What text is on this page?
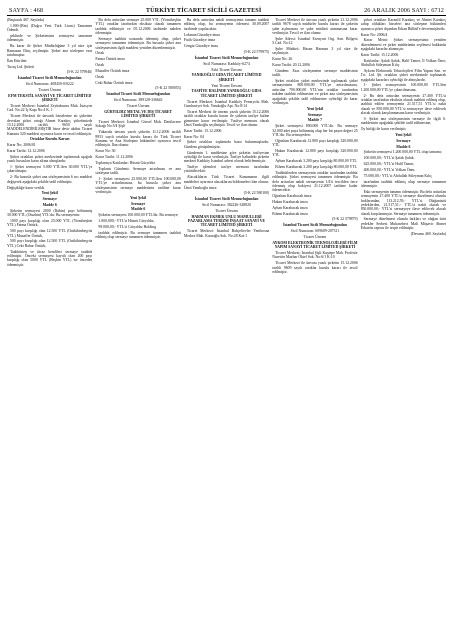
SAYFA : 468	TÜRKİYE TİCARET SİCİLİ GAZETESİ	26 ARALIK 2006 SAYI : 6712

(Baştarafı 467. Sayfada)

1.000-(Bin) (Doğru Yeni Türk Lirası) Tamamen Ödendi.

şeklinde ve Şirketimizin sermayesi tamamen ödenmiştir.

Bu karar ile Şirket Müdürlüğüne 3 yıl süre için Ramazan Dinç seçilmiştir. Şirket ana sözleşme esas tutulmuştur.

İlan Ettirilen:

Tucaş Ltd. Şirketi

(5-K 22 579946)

İstanbul Ticaret Sicili Memurluğundan

Sicil Numarası: 408450-0/0222

Ticaret Ünvanı

EFM TEKSTİL SANAYİ VE TİCARET LİMİTED ŞİRKETİ

Ticaret Merkezi: İstanbul Zeytinburnu Mah. İstasyon Cad. No:22 İç Kapı No:4 K. 1

Ticaret Merkezi ile ünvanlı hisselerine ait şirketten devralan şirket ortağı Ahmet Karakoç şirketimizde 15.12.2006 tarihli 9650 sayılı MADDELENDİRİLMİŞTİR hisse devir akdini Ticaret Kanunu 520 maddesi uyarınca karar ve tescil edilmiştir.

Ortaklar Kurulu Kararı

Karar No: 2006/01

Karar Tarihi: 12.12.2006

Şirket ortakları şirket merkezinde toplanarak aşağıda yazılı hususları karar altına almışlardır.

1- Şirket sermayesi 5.000 YTL'den 30.000 YTL'ye çıkartılmıştır.

2- Bu hususla şirket ana sözleşmesinin 6 ncı maddesi değişerek aşağıdaki şekilde tadil edilmiştir.

Değişikliğe karar verildi.

Yeni Şekil

Sermaye

Madde 6

Şirketin sermayesi 2000 (İkibin) payı bölünmüş 30.000 YTL (Otuzbin) YTL'dır. Bu sermayenin:

1000 payı karşılığı olan 25.000 YTL (Yirmibeşbin YTL) Fatma Öztürk,

500 payı karşılığı olan 12.500 YTL (Onikibinbeşyüz YTL) Muzaffer Öztürk,

500 payı karşılığı olan 12.500 YTL (Onikibinbeşyüz YTL) Ceki Bahar Öztürk,

Taahhütten ve itiraz kendileri sermaye taahhüt edilmiştir. Önceki sermayesi kayıtlı olan 200 payı karşılığı olan 5000 YTL (Beşbin YTL) ise önceden ödenmiştir.

Bu defa arttırılan sermaye 25.000 YTL (Yirmibeşbin YTL) ortaklar tarafından eksiksiz olarak tamamen taahhüt edilmiştir ve 05.12.2006 tarihinde nakden ödenmiştir.

Sermaye taahhüt sırasında ödenmiş olup, şirket sermayesi tamamen ödenmiştir. Bu hususla şirket ana sözleşmesinin ilgili maddesi yeniden düzenlenmiştir.

Ortak

Fatma Öztürk imza

Ortak

Muzaffer Öztürk imza

Ortak

Ceki Bahar Öztürk imza

(5-K 22 580053)

İstanbul Ticaret Sicili Memurluğundan

Sicil Numarası: 389128-336643

Ticaret Ünvanı

GÜRYILDIZ METAL VE DIŞ TİCARET LİMİTED ŞİRKETİ

Ticaret Merkezi: İstanbul Gürsel Mah. Darülaceze Sokağı No:5/4 Şişli

Yukarıda ünvanı yazılı şirketin 11.12.2006 tarihli 8953 sayılı ortaklar kurulu kararı ile Türk Ticaret Kanunu ve Ana Sözleşme hükümleri uyarınca tescil edilmiştir. İlan olunur.

Karar No: 30

Karar Tarihi: 11.12.2006

Toplantıya Katılanlar: Hüsnü Güryıldız

Toplantı Gündemi: Sermaye artırılması ve ana sözleşme tadili.

1- Şirket sermayesi 25.000,00 YTL'den 100.000,00 YTL'ye arttırılmasına, bu hususla şirket ana sözleşmesinin sermaye maddesinin tadiline karar verilmiştir.

Yeni Şekil

Sermaye

Madde 6

Şirketin sermayesi 100.000,00 YTL'dir. Bu sermaye;

1.000,000,- YTL'si Hüsnü Güryıldız,

99.000,00,- YTL'si Güryıldız Holding

taahhüt edilmiştir. Bu sermaye tamamen taahhüt edilmiş olup sermaye tamamen ödenmiştir.

Bu defa arttırılan nakdi sermayenin tamamı taahhüt edilmiş olup, bu sermayenin ödemesi 30.09.2007 tarihinde yapılacaktır.

Lokman Güradiye imza

Fatih Güradiye imza

Cengiz Güradiye imza

(5-K 22 579975)

İstanbul Ticaret Sicili Memurluğundan

Sicil Numarası: Kadıköy-6274

Eski Ticaret Ünvanı

YANIKOĞLU GIDA TİCARET LİMİTED ŞİRKETİ

Yeni Ticaret Ünvanı

TASFİYE HALİNDE YANIKOĞLU GIDA TİCARET LİMİTED ŞİRKETİ

Ticaret Merkezi: İstanbul Kadıköy Feneryolu Mah. Cumhuriyet Sok. Yanıkoğlu Apt. No:8/14

Ticaret Merkezi ile ünvanı yazılı şirketin 15.12.2006 tarihli ortaklar kurulu kararı ile şirketin tasfiye haline girmesine karar verilmiştir. Tasfiye memuru olarak Ümit Yanıkoğlu seçilmiştir. Tescil ve ilan olunur.

Karar Tarihi: 15.12.2006

Karar No: 04

Şirket ortakları toplantıda hazır bulunmuşlardır. Gündem görüşülmüştür.

Gündemin 1. maddesine göre şirketin tasfiyesine oybirliği ile karar verilmiştir. Tasfiye halindeki şirketin merkezi Kadıköy İstanbul adresi olarak belirlenmiştir.

Tasfiye işlemleri tasfiye memuru tarafından yürütülecektir.

Alacaklıların Türk Ticaret Kanununun ilgili maddeleri uyarınca alacaklarını bildirmeleri ilan olunur.

Ümit Yanıkoğlu imza

(5-K 22 580100)

İstanbul Ticaret Sicili Memurluğundan

Sicil Numarası: 382226-328820

Ticaret Ünvanı

HARMAN EKMEK UNLU MAMULLERİ PAZARLAMA TURİZM İNŞAAT SANAYİ VE TİCARET LİMİTED ŞİRKETİ

Ticaret Merkezi: İstanbul Bahçelievler Yenibosna Merkez Mah. Karaoğlu Sok. No:28 Kat:1

Ticaret Merkezi ile ünvanı yazılı şirketin 21.12.2006 tarihli 9678 sayılı müdürler kurulu kararı ile şirketin şube açılmasına ve şube müdürü atanmasına karar verilmiştir. Tescil ve ilan olunur.

Şube Adresi: İstanbul Esenyurt Org. San. Bölgesi 5.Cad. No:12

Şube Müdürü: Hasan Harman 3 yıl süre ile seçilmiştir.

Karar No: 26

Karar Tarihi: 20.12.2006

Gündem: Esas sözleşmenin sermaye maddesinin tadili.

Şirket ortakları şirket merkezinde toplanarak şirket sermayesinin 800.000,00 YTL'ye arttırılmasına, arttırılan 700.000,00 YTL'nin ortaklar tarafından nakden taahhüt edilmesine ve şirket ana sözleşmesinin aşağıdaki şekilde tadil edilmesine oybirliği ile karar verilmiştir.

Yeni Şekil

Sermaye

Madde 7

Şirket sermayesi 800.000 YTL'dir. Bu sermaye 32.000 adet paya bölünmüş olup her bir payın değeri 25 YTL'dir. Bu sermayeden:

Oğuzhan Karabacak 12.800 payı karşılığı 320.000,00 YTL

Hakan Karabacak 12.800 payı karşılığı 320.000,00 YTL

Ayhan Karabacak 3.200 payı karşılığı 80.000,00 YTL

Ethem Karabacak 3.200 payı karşılığı 80.000,00 YTL

Taahhütlerden sermayenin ortaklar tarafından taahhüt edilmiştir. Şirket sermayesi tamamen ödenmiştir. Bu defa arttırılan nakdi sermayenin 1/4'ü tescilden önce ödenmiş olup bakiyesi 21.12.2007 tarihine kadar ödenecektir.

Oğuzhan Karabacak imza

Hakan Karabacak imza

Ayhan Karabacak imza

Ethem Karabacak imza

(5-K 22 579879)

İstanbul Ticaret Sicili Memurluğundan

Sicil Numarası: 609609-207311

Ticaret Ünvanı

AYKOM ELEKTRONİK TEKNOLOJİLERİ FİLM YAPIM SANAYİ TİCARET LİMİTED ŞİRKETİ

Ticaret Merkezi: İstanbul Şişli Kuştepe Mah. Profesör Nurettin Mazhar Öktel Sok. No:6/1 K:10

Ticaret Merkezi ile ünvanı yazılı şirketin 15.12.2006 tarihli 9609 sayılı ortaklar kurulu kararı ile tescil edilmiştir.

şirket ortakları Karanfil Karakoç ve Ahmet Karakoç sahip oldukları hisseleri ana sözleşme hükümleri uyarınca şirket dışından Erkan Bülbül'e devretmişlerdir.

Karar No: 2006/4

Karar Metni: Şirket sermayesinin yeniden düzenlenmesi ve şirket müdürünün seçilmesi hakkında aşağıdaki kararlar alınmıştır.

Karar Tarihi: 15.12.2006

Katılanlar: Şafak Şafak, Halil Tamer, İl Volkan Öner, Abdullah Süleyman Kılıç

Aykom Elektronik Teknolojileri Film Yapım San. ve Tic. Ltd. Şti. ortakları şirket merkezinde toplanarak aşağıdaki kararları oybirliği ile almışlardır.

1- Şirket sermayesinin 100.000,00 YTL'den 1.200.000,00 YTL'ye çıkartılmasına,

2- Bu defa arttırılan sermayenin 27.400 YTL'si ortaklar tarafından eksiksiz olarak taahhüt edilmiş olup, taahhüt edilen sermayenin 21.517,51 YTL'si nakit olarak ve 850.000,00 YTL'si sermayeye ilave edilecek alacak olarak karşılanmasına karar verilmiştir.

3- Şirket ana sözleşmesinin sermaye ile ilgili 6. maddesinin aşağıdaki şekilde tadil edilmesine,

Oy birliği ile karar verilmiştir.

Yeni Şekil

Sermaye

Madde 6

Şirketin sermayesi 1.200.000,00 YTL olup tamamı;

100.000,00,- YTL'si Şafak Şafak,

625.000,00,- YTL'si Halil Tamer,

400.000,00,- YTL'si Volkan Öner,

75.000,00,- YTL'si Abdullah Süleyman Kılıç

tarafından taahhüt edilmiş olup sermaye tamamen ödenmiştir.

Eski sermayenin tamamı ödenmiştir. Bu defa arttırılan sermayenin 27.400 YTL'si sermaye düzeltmesi olumlu farklarından, 113.212,59,- YTL'si Olağanüstü yedeklerden, 21.517,51,- YTL'si nakit olarak ve 850.000,00,- YTL'si sermayeye ilave edilecek alacak olarak karşılanmıştır. Sermaye tamamen ödenmiştir.

Sermaye düzeltmesi olumlu farkları ve olağan üstü yedekler Serbest Muhasebeci Mali Müşavir Ahmet Erkan'ın raporu ile tespit edilmiştir.

(Devamı 469. Sayfada)
